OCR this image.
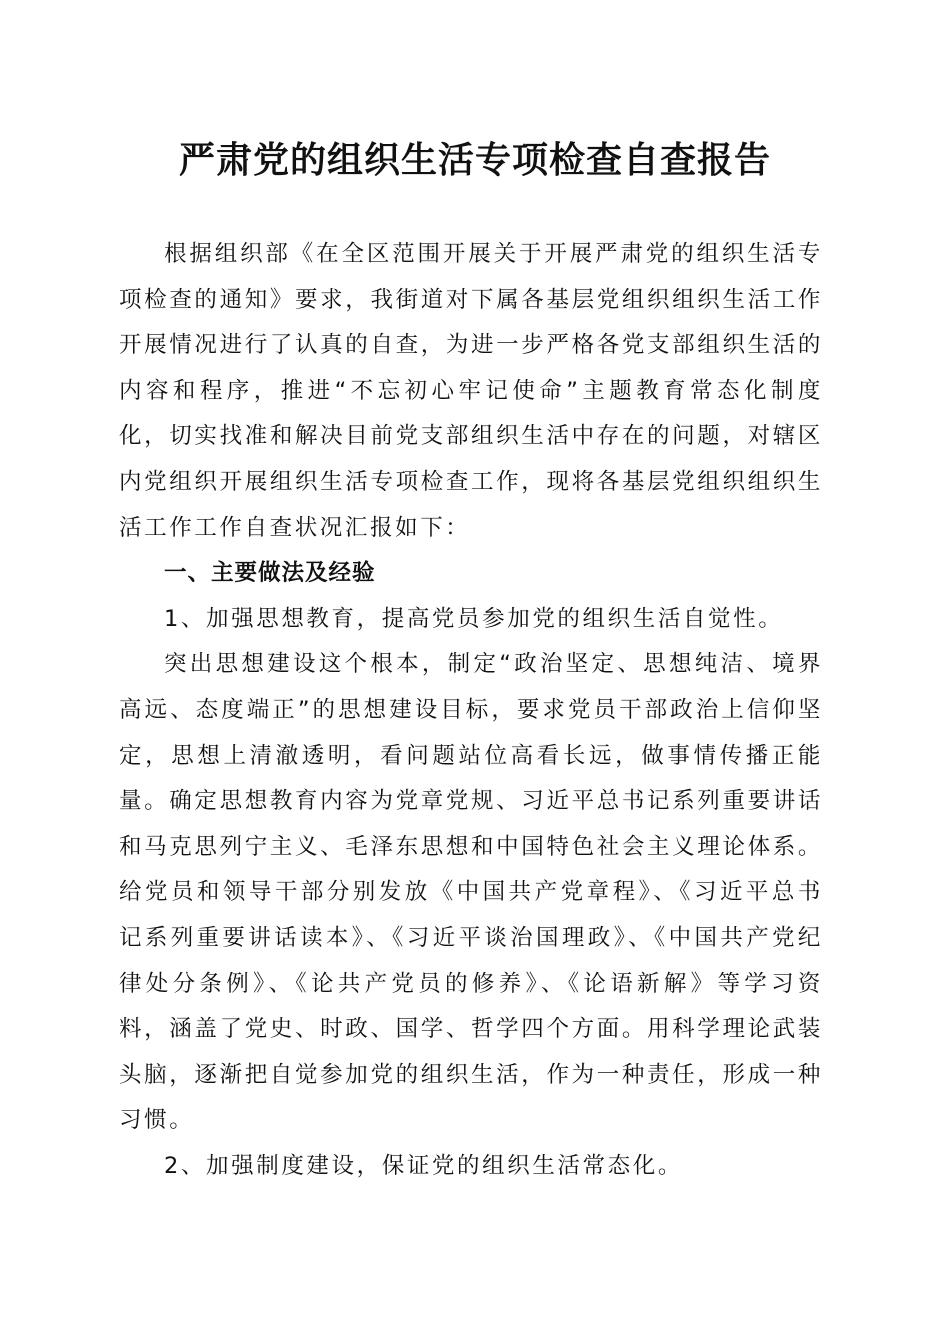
严肃党的组织生活专项检查自查报告

根据组织部《在全区范围开展关于开展严肃党的组织生活专项检查的通知》要求，我街道对下属各基层党组织组织生活工作开展情况进行了认真的自查，为进一步严格各党支部组织生活的内容和程序，推进“不忘初心牢记使命”主题教育常态化制度化，切实找准和解决目前党支部组织生活中存在的问题，对辖区内党组织开展组织生活专项检查工作，现将各基层党组织组织生活工作工作自查状况汇报如下：

一、主要做法及经验

1、加强思想教育，提高党员参加党的组织生活自觉性。

突出思想建设这个根本，制定“政治坚定、思想纯洁、境界高远、态度端正”的思想建设目标，要求党员干部政治上信仰坚定，思想上清澈透明，看问题站位高看长远，做事情传播正能量。确定思想教育内容为党章党规、习近平总书记系列重要讲话和马克思列宁主义、毛泽东思想和中国特色社会主义理论体系。给党员和领导干部分别发放《中国共产党章程》、《习近平总书记系列重要讲话读本》、《习近平谈治国理政》、《中国共产党纪律处分条例》、《论共产党员的修养》、《论语新解》等学习资料，涵盖了党史、时政、国学、哲学四个方面。用科学理论武装头脑，逐渐把自觉参加党的组织生活，作为一种责任，形成一种习惯。

2、加强制度建设，保证党的组织生活常态化。
